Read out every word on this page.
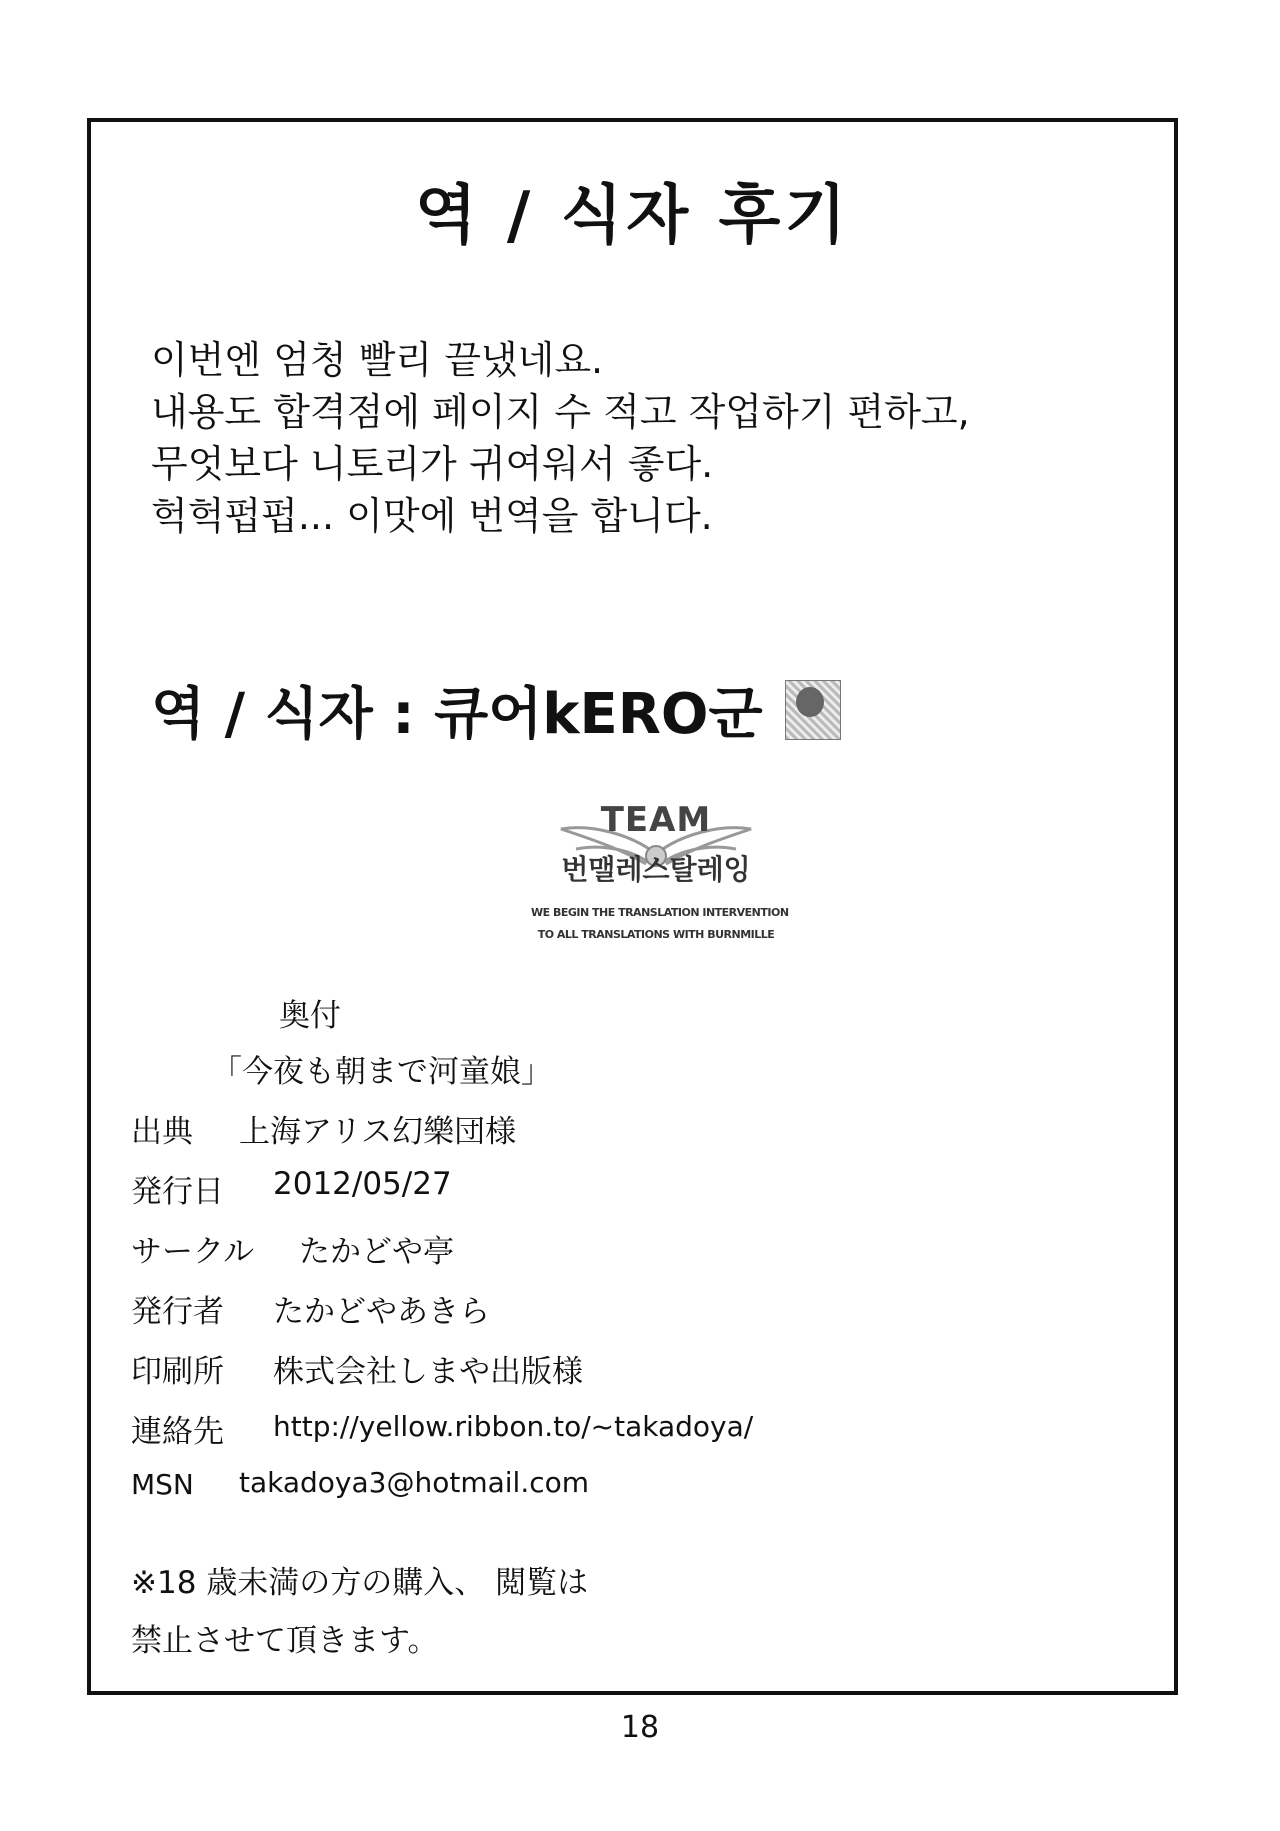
역 / 식자 후기
이번엔 엄청 빨리 끝냈네요.
내용도 합격점에 페이지 수 적고 작업하기 편하고,
무엇보다 니토리가 귀여워서 좋다.
헉헉펍펍... 이맛에 번역을 합니다.
역 / 식자 : 큐어kERO군
TEAM
번맬레스탈레잉
WE BEGIN THE TRANSLATION INTERVENTION
TO ALL TRANSLATIONS WITH BURNMILLE
奥付
「今夜も朝まで河童娘」
出典 上海アリス幻樂団様
発行日 2012/05/27
サークル たかどや亭
発行者 たかどやあきら
印刷所 株式会社しまや出版様
連絡先 http://yellow.ribbon.to/~takadoya/
MSN takadoya3@hotmail.com
※18 歳未満の方の購入、 閲覧は
禁止させて頂きます。
18
